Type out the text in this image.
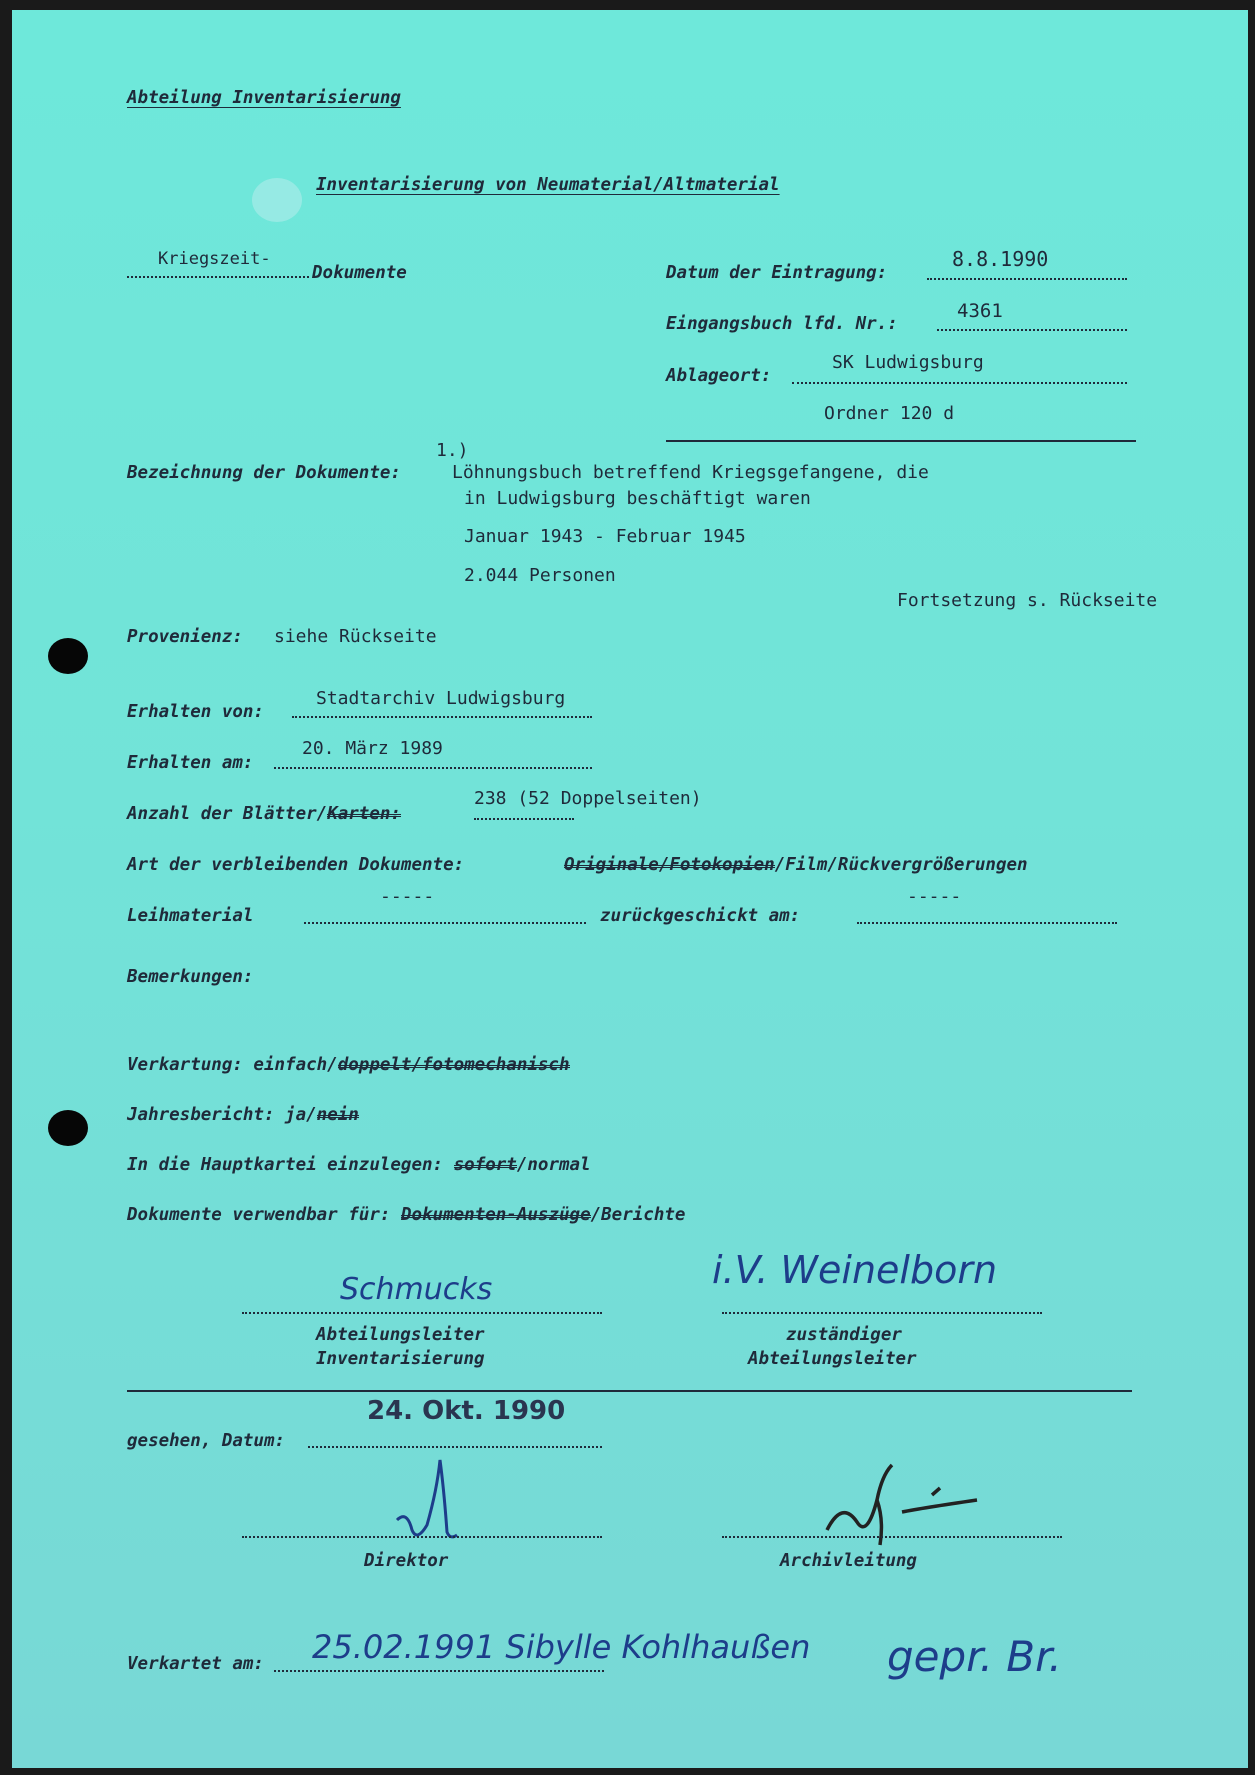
Abteilung Inventarisierung
Inventarisierung von Neumaterial/Altmaterial
Kriegszeit-
Dokumente	Datum der Eintragung:
8.8.1990
Eingangsbuch lfd. Nr.:
4361
Ablageort:
SK Ludwigsburg
Ordner 120 d
1.)
Bezeichnung der Dokumente:	Löhnungsbuch betreffend Kriegsgefangene, die
in Ludwigsburg beschäftigt waren
Januar 1943 - Februar 1945
2.044 Personen
Fortsetzung s. Rückseite
Provenienz: siehe Rückseite
Erhalten von:
Stadtarchiv Ludwigsburg
Erhalten am:
20. März 1989
Anzahl der Blätter/Karten:
238 (52 Doppelseiten)
Art der verbleibenden Dokumente:	Originale/Fotokopien/Film/Rückvergrößerungen
Leihmaterial
-----
zurückgeschickt am:
-----
Bemerkungen:
Verkartung: einfach/doppelt/fotomechanisch
Jahresbericht: ja/nein
In die Hauptkartei einzulegen: sofort/normal
Dokumente verwendbar für: Dokumenten-Auszüge/Berichte
Schmucks
Abteilungsleiter
Inventarisierung
i.V. Weinelborn
zuständiger
Abteilungsleiter
gesehen, Datum:
24. Okt. 1990
Direktor	Archivleitung
Verkartet am: 25.02.1991 Sibylle Kohlhaußen gepr. Br.
